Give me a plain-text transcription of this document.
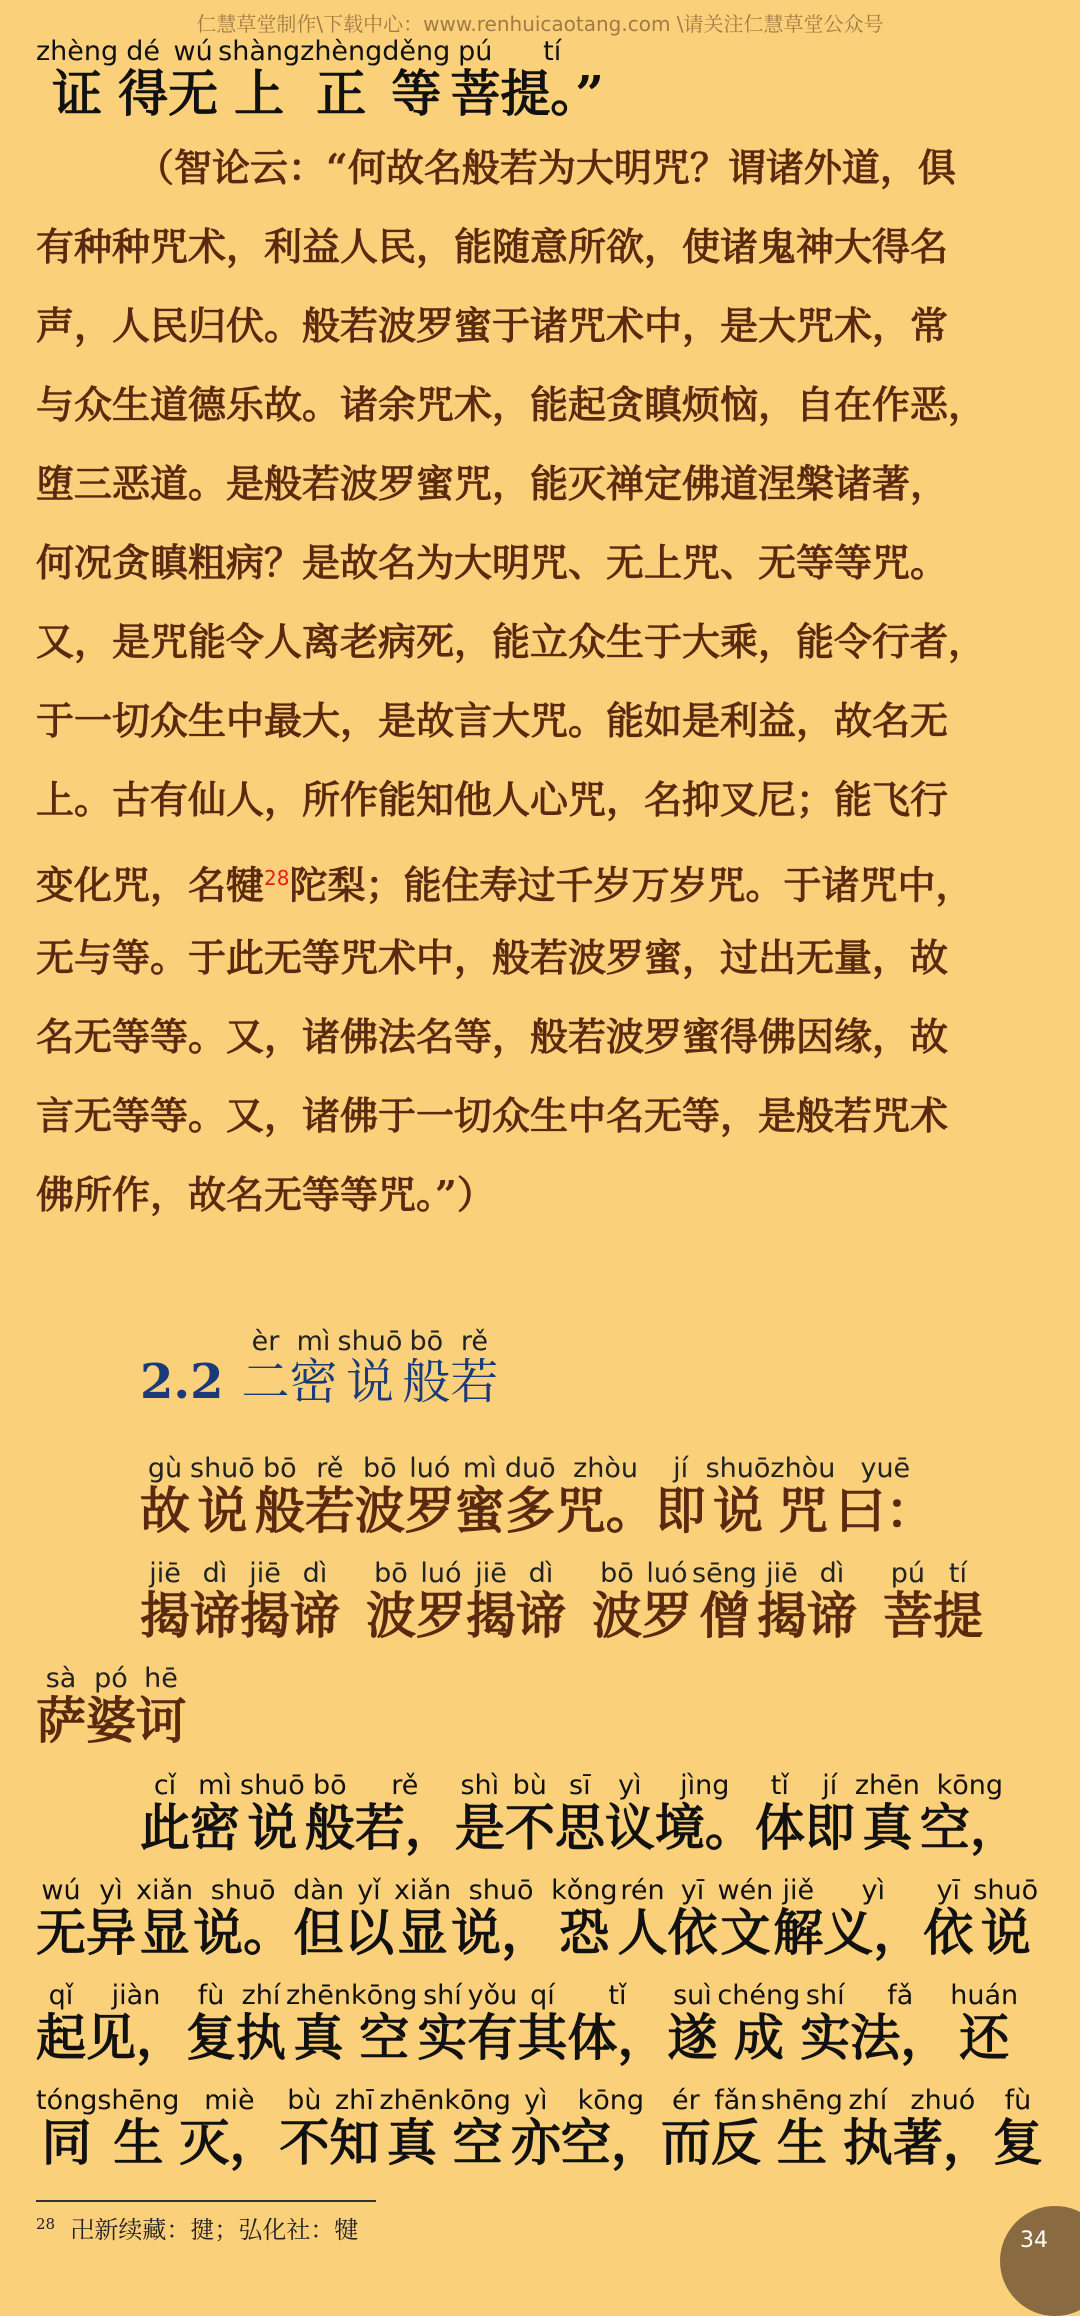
仁慧草堂制作\下载中心：www.renhuicaotang.com \请关注仁慧草堂公众号
zhèng
证
dé
得
wú
无
shàng
上
zhèng
正
děng
等
pú
菩
tí
提。”
（智论云：“何故名般若为大明咒？谓诸外道，俱
有种种咒术，利益人民，能随意所欲，使诸鬼神大得名
声，人民归伏。般若波罗蜜于诸咒术中，是大咒术，常
与众生道德乐故。诸余咒术，能起贪瞋烦恼，自在作恶，
堕三恶道。是般若波罗蜜咒，能灭禅定佛道涅槃诸著，
何况贪瞋粗病？是故名为大明咒、无上咒、无等等咒。
又，是咒能令人离老病死，能立众生于大乘，能令行者，
于一切众生中最大，是故言大咒。能如是利益，故名无
上。古有仙人，所作能知他人心咒，名抑叉尼；能飞行
变化咒，名犍$^{28}$陀梨；能住寿过千岁万岁咒。于诸咒中，
无与等。于此无等咒术中，般若波罗蜜，过出无量，故
名无等等。又，诸佛法名等，般若波罗蜜得佛因缘，故
言无等等。又，诸佛于一切众生中名无等，是般若咒术
佛所作，故名无等等咒。”）
2.2
èr
二
mì
密
shuō
说
bō
般
rě
若
gù
故
shuō
说
bō
般
rě
若
bō
波
luó
罗
mì
蜜
duō
多
zhòu
咒。
jí
即
shuō
说
zhòu
咒
yuē
曰：
jiē
揭
dì
谛
jiē
揭
dì
谛
bō
波
luó
罗
jiē
揭
dì
谛
bō
波
luó
罗
sēng
僧
jiē
揭
dì
谛
pú
菩
tí
提
sà
萨
pó
婆
hē
诃
cǐ
此
mì
密
shuō
说
bō
般
rě
若，
shì
是
bù
不
sī
思
yì
议
jìng
境。
tǐ
体
jí
即
zhēn
真
kōng
空，
wú
无
yì
异
xiǎn
显
shuō
说。
dàn
但
yǐ
以
xiǎn
显
shuō
说，
kǒng
恐
rén
人
yī
依
wén
文
jiě
解
yì
义，
yī
依
shuō
说
qǐ
起
jiàn
见，
fù
复
zhí
执
zhēn
真
kōng
空
shí
实
yǒu
有
qí
其
tǐ
体，
suì
遂
chéng
成
shí
实
fǎ
法，
huán
还
tóng
同
shēng
生
miè
灭，
bù
不
zhī
知
zhēn
真
kōng
空
yì
亦
kōng
空，
ér
而
fǎn
反
shēng
生
zhí
执
zhuó
著，
fù
复
$^{28}$ 卍新续藏：揵；弘化社：犍	34
